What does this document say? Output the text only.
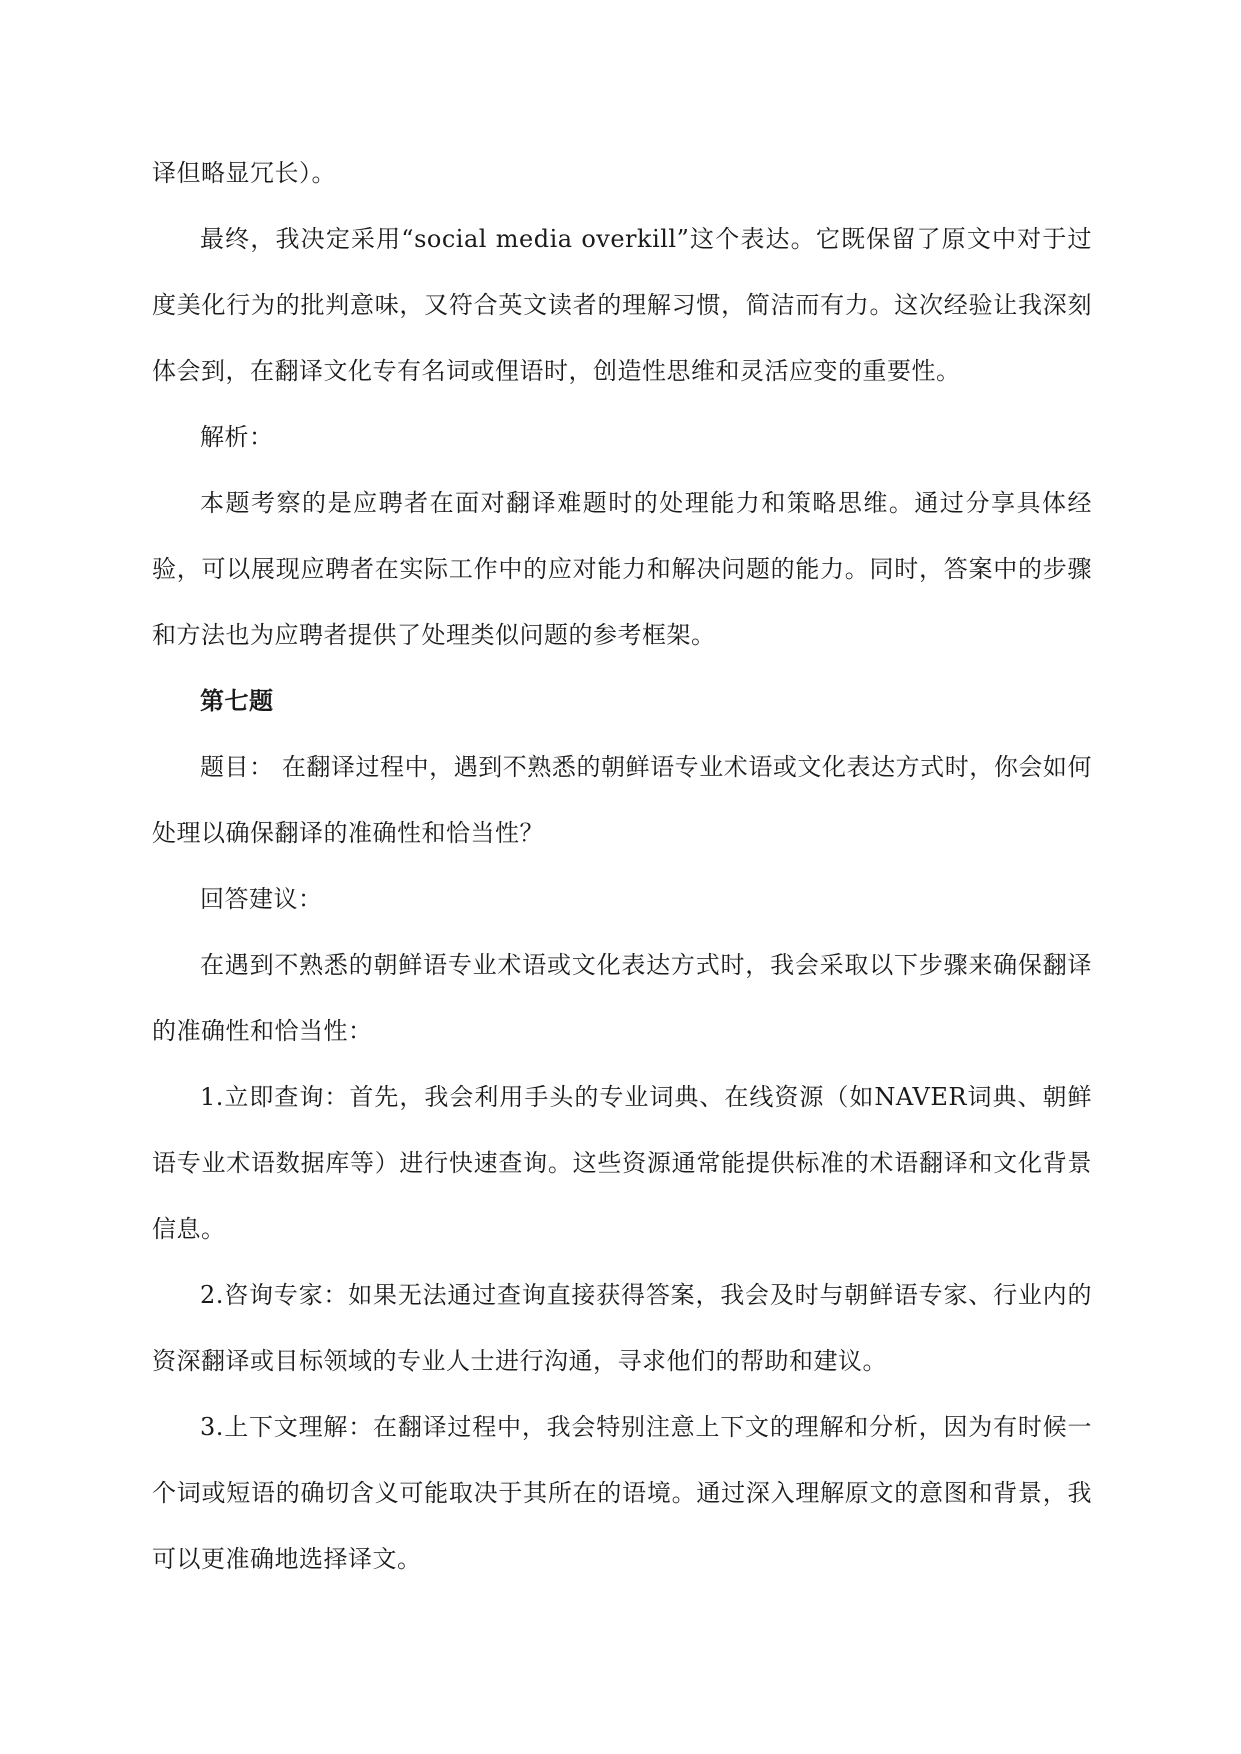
译但略显冗长）。

最终，我决定采用“social media overkill”这个表达。它既保留了原文中对于过度美化行为的批判意味，又符合英文读者的理解习惯，简洁而有力。这次经验让我深刻体会到，在翻译文化专有名词或俚语时，创造性思维和灵活应变的重要性。

解析：

本题考察的是应聘者在面对翻译难题时的处理能力和策略思维。通过分享具体经验，可以展现应聘者在实际工作中的应对能力和解决问题的能力。同时，答案中的步骤和方法也为应聘者提供了处理类似问题的参考框架。

第七题

题目： 在翻译过程中，遇到不熟悉的朝鲜语专业术语或文化表达方式时，你会如何处理以确保翻译的准确性和恰当性？

回答建议：

在遇到不熟悉的朝鲜语专业术语或文化表达方式时，我会采取以下步骤来确保翻译的准确性和恰当性：

1.立即查询：首先，我会利用手头的专业词典、在线资源（如NAVER词典、朝鲜语专业术语数据库等）进行快速查询。这些资源通常能提供标准的术语翻译和文化背景信息。

2.咨询专家：如果无法通过查询直接获得答案，我会及时与朝鲜语专家、行业内的资深翻译或目标领域的专业人士进行沟通，寻求他们的帮助和建议。

3.上下文理解：在翻译过程中，我会特别注意上下文的理解和分析，因为有时候一个词或短语的确切含义可能取决于其所在的语境。通过深入理解原文的意图和背景，我可以更准确地选择译文。
